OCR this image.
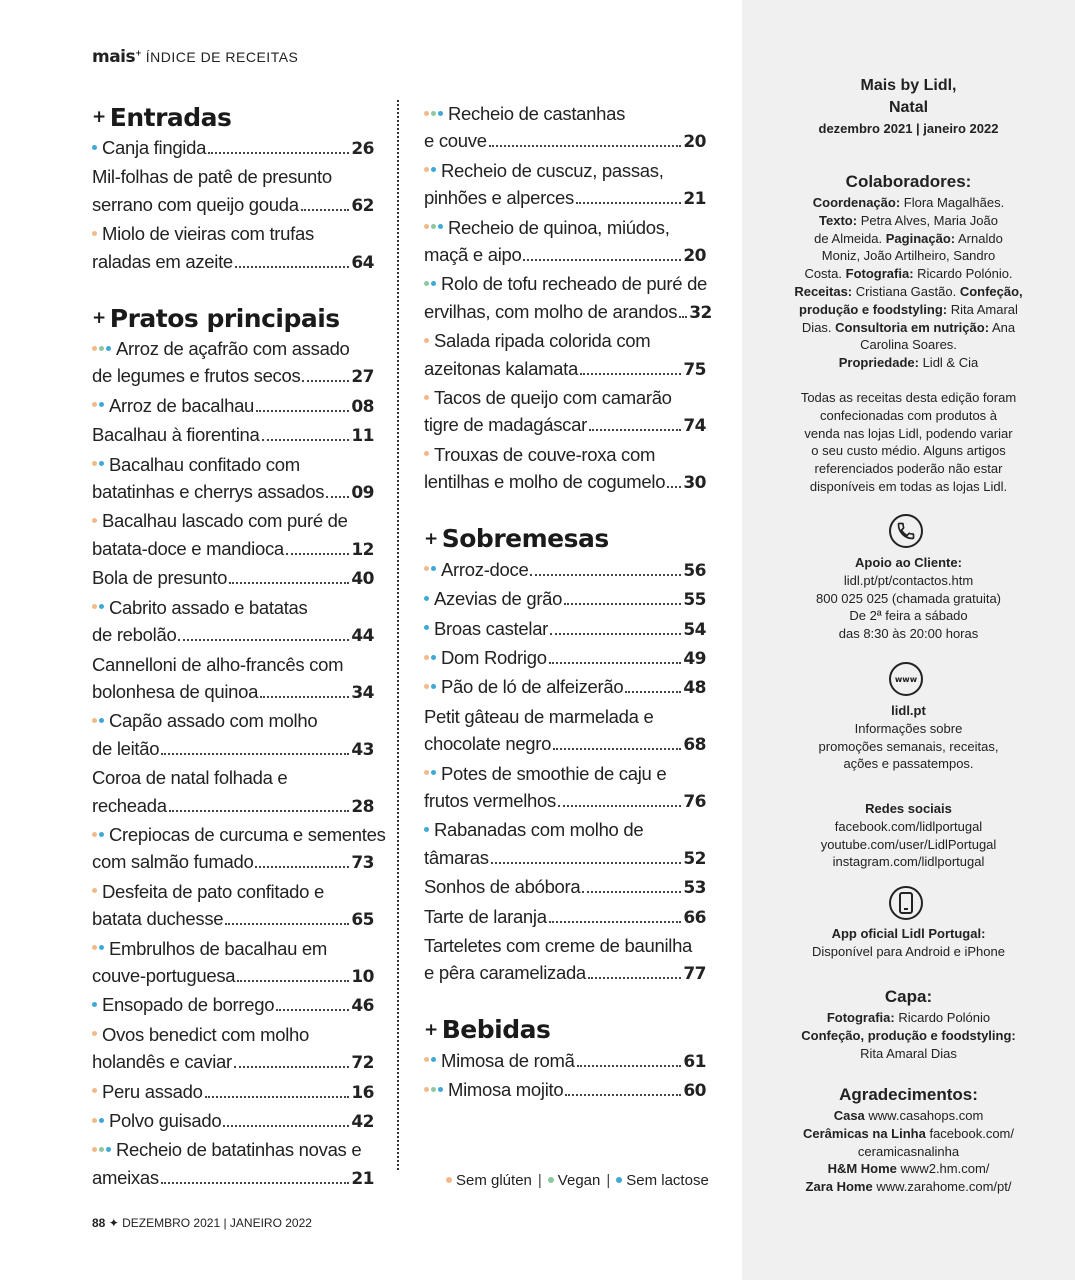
mais+ ÍNDICE DE RECEITAS
+ Entradas
Canja fingida	26
Mil-folhas de patê de presunto
serrano com queijo gouda	62
Miolo de vieiras com trufas
raladas em azeite	64
+ Pratos principais
Arroz de açafrão com assado
de legumes e frutos secos	27
Arroz de bacalhau	08
Bacalhau à fiorentina	11
Bacalhau confitado com
batatinhas e cherrys assados 09
Bacalhau lascado com puré de
batata-doce e mandioca	12
Bola de presunto	40
Cabrito assado e batatas
de rebolão	44
Cannelloni de alho-francês com
bolonhesa de quinoa	34
Capão assado com molho
de leitão	43
Coroa de natal folhada e
recheada	28
Crepiocas de curcuma e sementes
com salmão fumado	73
Desfeita de pato confitado e
batata duchesse	65
Embrulhos de bacalhau em
couve-portuguesa	10
Ensopado de borrego	46
Ovos benedict com molho
holandês e caviar	72
Peru assado	16
Polvo guisado	42
Recheio de batatinhas novas e
ameixas	21
Recheio de castanhas
e couve	20
Recheio de cuscuz, passas,
pinhões e alperces	21
Recheio de quinoa, miúdos,
maçã e aipo	20
Rolo de tofu recheado de puré de
ervilhas, com molho de arandos 32
Salada ripada colorida com
azeitonas kalamata	75
Tacos de queijo com camarão
tigre de madagáscar	74
Trouxas de couve-roxa com
lentilhas e molho de cogumelo 30
+ Sobremesas
Arroz-doce	56
Azevias de grão	55
Broas castelar	54
Dom Rodrigo	49
Pão de ló de alfeizerão	48
Petit gâteau de marmelada e
chocolate negro	68
Potes de smoothie de caju e
frutos vermelhos	76
Rabanadas com molho de
tâmaras	52
Sonhos de abóbora	53
Tarte de laranja	66
Tarteletes com creme de baunilha
e pêra caramelizada	77
+ Bebidas
Mimosa de romã	61
Mimosa mojito	60
Sem glúten |	Vegan |	Sem lactose
88 ✦ DEZEMBRO 2021 | JANEIRO 2022
Mais by Lidl,
Natal
dezembro 2021 | janeiro 2022
Colaboradores:
Coordenação: Flora Magalhães.
Texto: Petra Alves, Maria João
de Almeida. Paginação: Arnaldo
Moniz, João Artilheiro, Sandro
Costa. Fotografia: Ricardo Polónio.
Receitas: Cristiana Gastão. Confeção,
produção e foodstyling: Rita Amaral
Dias. Consultoria em nutrição: Ana
Carolina Soares.
Propriedade: Lidl & Cia
Todas as receitas desta edição foram
confecionadas com produtos à
venda nas lojas Lidl, podendo variar
o seu custo médio. Alguns artigos
referenciados poderão não estar
disponíveis em todas as lojas Lidl.
Apoio ao Cliente:
lidl.pt/pt/contactos.htm
800 025 025 (chamada gratuita)
De 2ª feira a sábado
das 8:30 às 20:00 horas
www
lidl.pt
Informações sobre
promoções semanais, receitas,
ações e passatempos.
Redes sociais
facebook.com/lidlportugal
youtube.com/user/LidlPortugal
instagram.com/lidlportugal
App oficial Lidl Portugal:
Disponível para Android e iPhone
Capa:
Fotografia: Ricardo Polónio
Confeção, produção e foodstyling:
Rita Amaral Dias
Agradecimentos:
Casa www.casahops.com
Cerâmicas na Linha facebook.com/
ceramicasnalinha
H&M Home www2.hm.com/
Zara Home www.zarahome.com/pt/
